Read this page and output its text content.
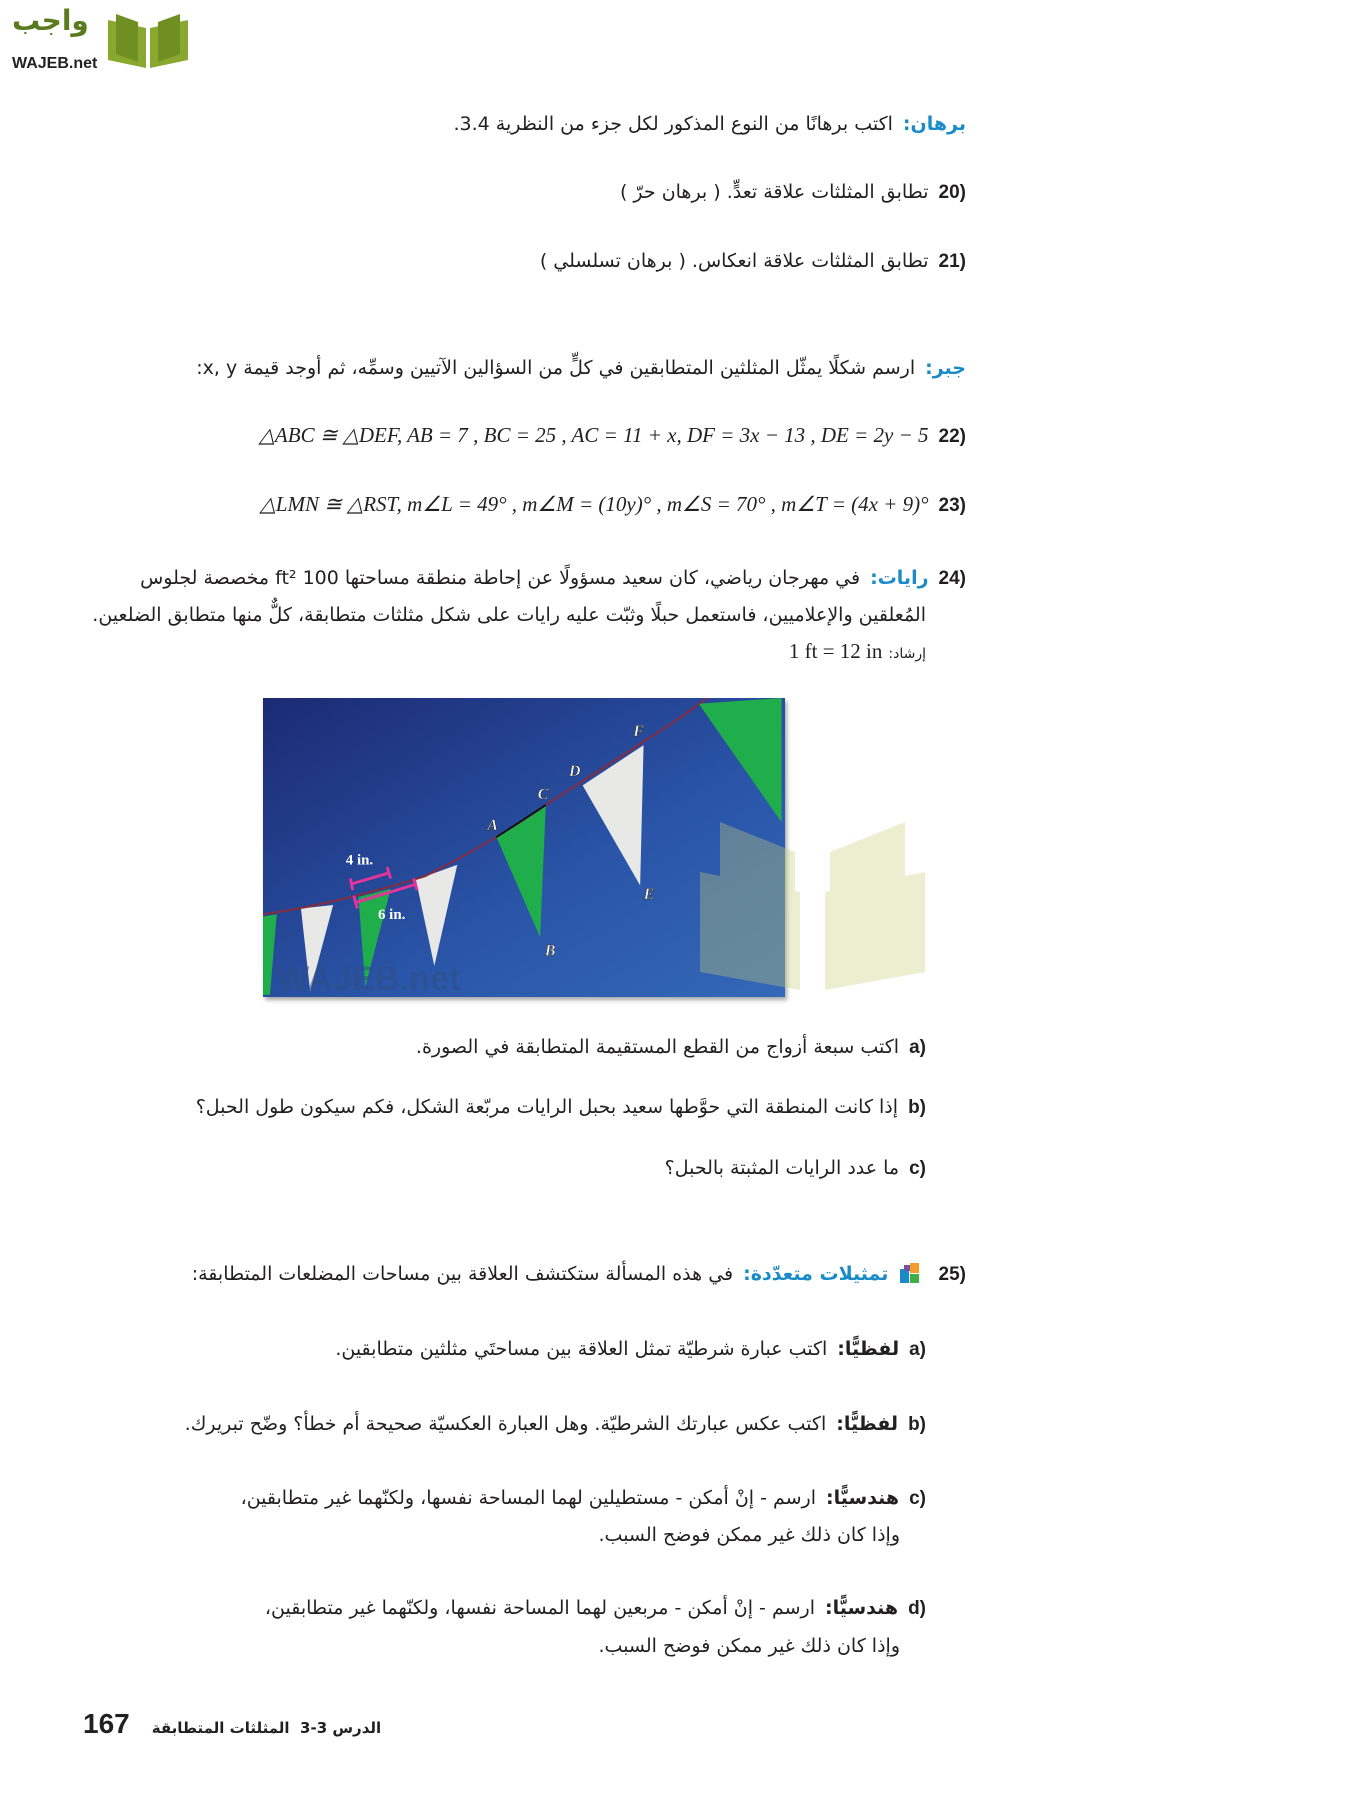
واجب
WAJEB.net
برهان:اكتب برهانًا من النوع المذكور لكل جزء من النظرية 3.4.
20)تطابق المثلثات علاقة تعدٍّ. ( برهان حرّ )
21)تطابق المثلثات علاقة انعكاس. ( برهان تسلسلي )
جبر:ارسم شكلًا يمثّل المثلثين المتطابقين في كلٍّ من السؤالين الآتيين وسمِّه، ثم أوجد قيمة x, y:
22)△ABC ≅ △DEF, AB = 7 , BC = 25 , AC = 11 + x, DF = 3x − 13 , DE = 2y − 5
23)△LMN ≅ △RST, m∠L = 49° , m∠M = (10y)° , m∠S = 70° , m∠T = (4x + 9)°
24)رايات:في مهرجان رياضي، كان سعيد مسؤولًا عن إحاطة منطقة مساحتها 100 ft² مخصصة لجلوس
المُعلقين والإعلاميين، فاستعمل حبلًا وثبّت عليه رايات على شكل مثلثات متطابقة، كلٌّ منها متطابق الضلعين.
إرشاد:1 ft = 12 in
WAJEB.net
A
B
C
D
E
F
4 in.
6 in.
a)اكتب سبعة أزواج من القطع المستقيمة المتطابقة في الصورة.
b)إذا كانت المنطقة التي حوَّطها سعيد بحبل الرايات مربّعة الشكل، فكم سيكون طول الحبل؟
c)ما عدد الرايات المثبتة بالحبل؟
25)  تمثيلات متعدّدة:في هذه المسألة ستكتشف العلاقة بين مساحات المضلعات المتطابقة:
a)لفظيًّا:اكتب عبارة شرطيّة تمثل العلاقة بين مساحتَي مثلثين متطابقين.
b)لفظيًّا:اكتب عكس عبارتك الشرطيّة. وهل العبارة العكسيّة صحيحة أم خطأ؟ وضّح تبريرك.
c)هندسيًّا:ارسم - إنْ أمكن - مستطيلين لهما المساحة نفسها، ولكنّهما غير متطابقين،
وإذا كان ذلك غير ممكن فوضح السبب.
d)هندسيًّا:ارسم - إنْ أمكن - مربعين لهما المساحة نفسها، ولكنّهما غير متطابقين،
وإذا كان ذلك غير ممكن فوضح السبب.
167	الدرس 3-3  المثلثات المتطابقة
